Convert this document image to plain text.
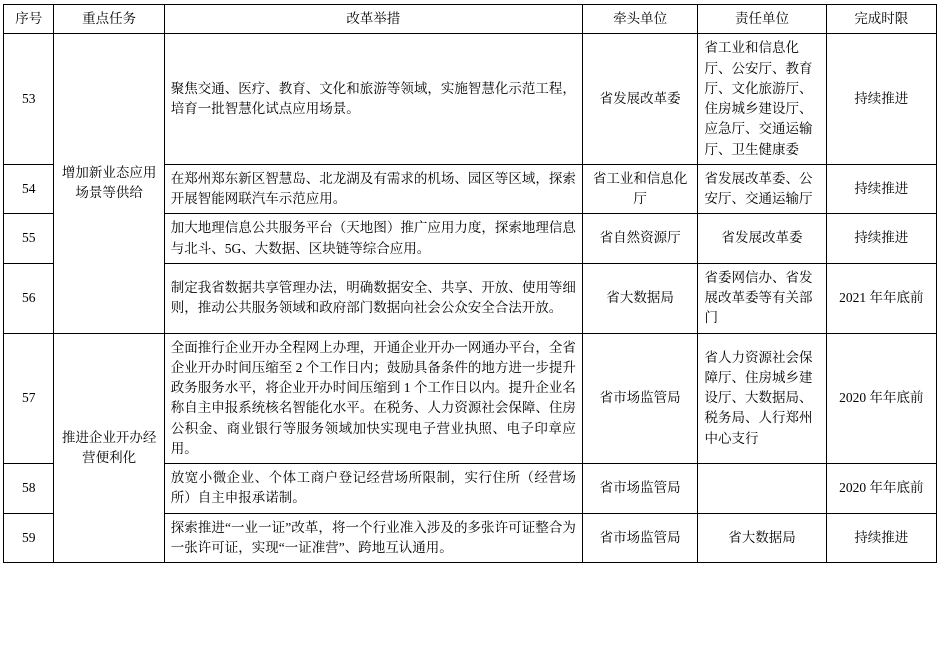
序号	重点任务	改革举措	牵头单位	责任单位	完成时限
53	增加新业态应用场景等供给	聚焦交通、医疗、教育、文化和旅游等领域，实施智慧化示范工程，培育一批智慧化试点应用场景。	省发展改革委	省工业和信息化厅、公安厅、教育厅、文化旅游厅、住房城乡建设厅、应急厅、交通运输厅、卫生健康委	持续推进
54		在郑州郑东新区智慧岛、北龙湖及有需求的机场、园区等区域，探索开展智能网联汽车示范应用。	省工业和信息化厅	省发展改革委、公安厅、交通运输厅	持续推进
55		加大地理信息公共服务平台（天地图）推广应用力度，探索地理信息与北斗、5G、大数据、区块链等综合应用。	省自然资源厅	省发展改革委	持续推进
56		制定我省数据共享管理办法，明确数据安全、共享、开放、使用等细则，推动公共服务领域和政府部门数据向社会公众安全合法开放。	省大数据局	省委网信办、省发展改革委等有关部门	2021 年年底前
57	推进企业开办经营便利化	全面推行企业开办全程网上办理，开通企业开办一网通办平台，全省企业开办时间压缩至 2 个工作日内；鼓励具备条件的地方进一步提升政务服务水平，将企业开办时间压缩到 1 个工作日以内。提升企业名称自主申报系统核名智能化水平。在税务、人力资源社会保障、住房公积金、商业银行等服务领域加快实现电子营业执照、电子印章应用。	省市场监管局	省人力资源社会保障厅、住房城乡建设厅、大数据局、税务局、人行郑州中心支行	2020 年年底前
58		放宽小微企业、个体工商户登记经营场所限制，实行住所（经营场所）自主申报承诺制。	省市场监管局		2020 年年底前
59		探索推进“一业一证”改革，将一个行业准入涉及的多张许可证整合为一张许可证，实现“一证准营”、跨地互认通用。	省市场监管局	省大数据局	持续推进
